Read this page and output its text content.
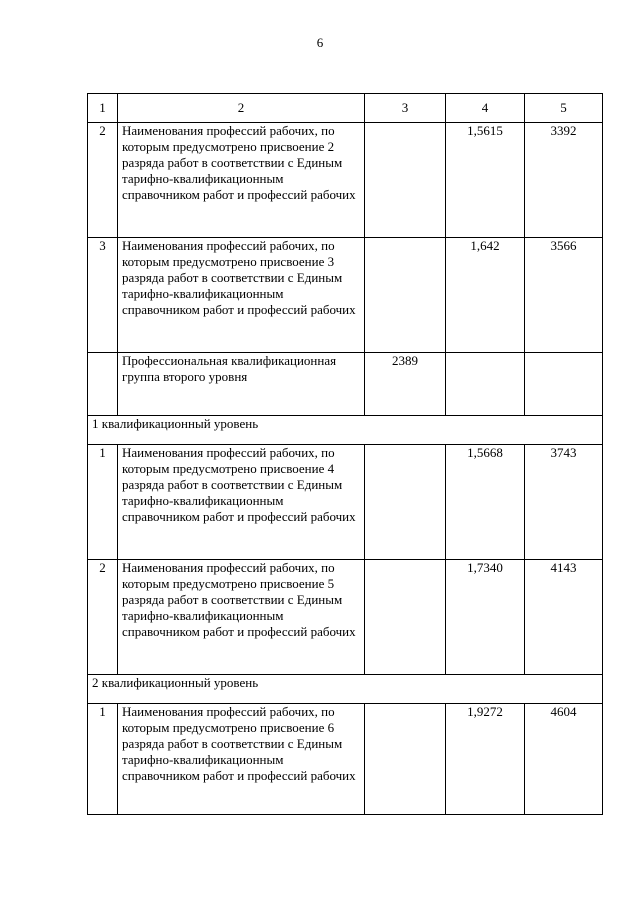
6
1	2	3	4	5
2	Наименования профессий рабочих, по которым предусмотрено присвоение 2 разряда работ в соответствии с Единым тарифно-квалификационным справочником работ и профессий рабочих		1,5615	3392
3	Наименования профессий рабочих, по которым предусмотрено присвоение 3 разряда работ в соответствии с Единым тарифно-квалификационным справочником работ и профессий рабочих		1,642	3566
	Профессиональная квалификационная группа второго уровня	2389		
1 квалификационный уровень				
1	Наименования профессий рабочих, по которым предусмотрено присвоение 4 разряда работ в соответствии с Единым тарифно-квалификационным справочником работ и профессий рабочих		1,5668	3743
2	Наименования профессий рабочих, по которым предусмотрено присвоение 5 разряда работ в соответствии с Единым тарифно-квалификационным справочником работ и профессий рабочих		1,7340	4143
2 квалификационный уровень				
1	Наименования профессий рабочих, по которым предусмотрено присвоение 6 разряда работ в соответствии с Единым тарифно-квалификационным справочником работ и профессий рабочих		1,9272	4604
